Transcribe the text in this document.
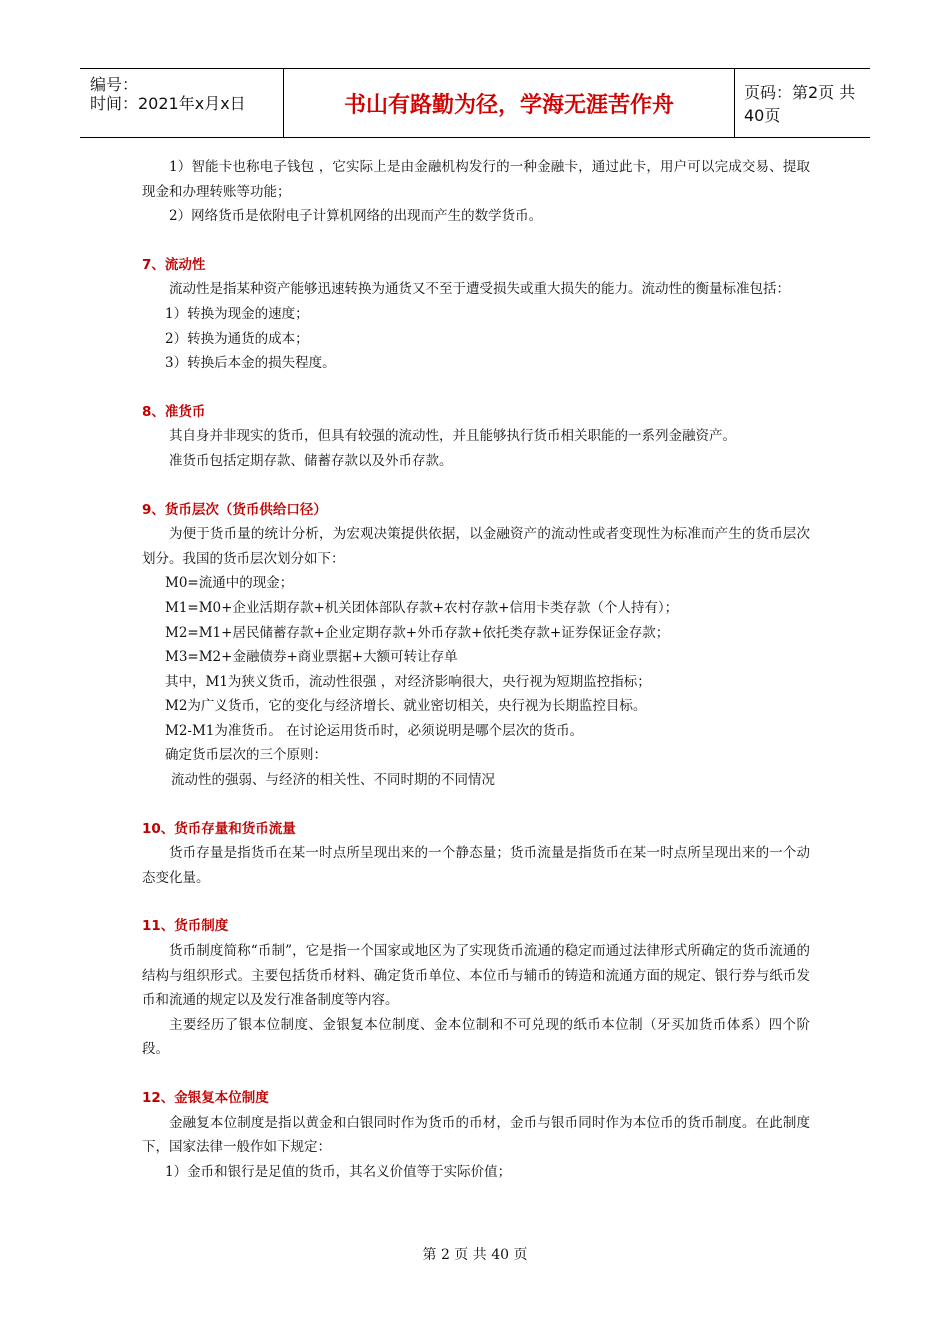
编号：
时间：2021年x月x日	书山有路勤为径，学海无涯苦作舟	页码：第2页 共40页

1）智能卡也称电子钱包 ，它实际上是由金融机构发行的一种金融卡，通过此卡，用户可以完成交易、提取现金和办理转账等功能；

2）网络货币是依附电子计算机网络的出现而产生的数学货币。

7、流动性

流动性是指某种资产能够迅速转换为通货又不至于遭受损失或重大损失的能力。流动性的衡量标准包括：

1）转换为现金的速度；

2）转换为通货的成本；

3）转换后本金的损失程度。

8、准货币

其自身并非现实的货币，但具有较强的流动性，并且能够执行货币相关职能的一系列金融资产。

准货币包括定期存款、储蓄存款以及外币存款。

9、货币层次（货币供给口径）

为便于货币量的统计分析，为宏观决策提供依据，以金融资产的流动性或者变现性为标准而产生的货币层次划分。我国的货币层次划分如下：

M0=流通中的现金；

M1=M0+企业活期存款+机关团体部队存款+农村存款+信用卡类存款（个人持有）；

M2=M1+居民储蓄存款+企业定期存款+外币存款+依托类存款+证券保证金存款；

M3=M2+金融债券+商业票据+大额可转让存单

其中，M1为狭义货币，流动性很强 ，对经济影响很大，央行视为短期监控指标；

M2为广义货币，它的变化与经济增长、就业密切相关，央行视为长期监控目标。

M2-M1为准货币。 在讨论运用货币时，必须说明是哪个层次的货币。

确定货币层次的三个原则：

流动性的强弱、与经济的相关性、不同时期的不同情况

10、货币存量和货币流量

货币存量是指货币在某一时点所呈现出来的一个静态量；货币流量是指货币在某一时点所呈现出来的一个动态变化量。

11、货币制度

货币制度简称“币制”，它是指一个国家或地区为了实现货币流通的稳定而通过法律形式所确定的货币流通的结构与组织形式。主要包括货币材料、确定货币单位、本位币与辅币的铸造和流通方面的规定、银行券与纸币发币和流通的规定以及发行准备制度等内容。

主要经历了银本位制度、金银复本位制度、金本位制和不可兑现的纸币本位制（牙买加货币体系）四个阶段。

12、金银复本位制度

金融复本位制度是指以黄金和白银同时作为货币的币材，金币与银币同时作为本位币的货币制度。在此制度下，国家法律一般作如下规定：

1）金币和银行是足值的货币，其名义价值等于实际价值；

第 2 页 共 40 页
